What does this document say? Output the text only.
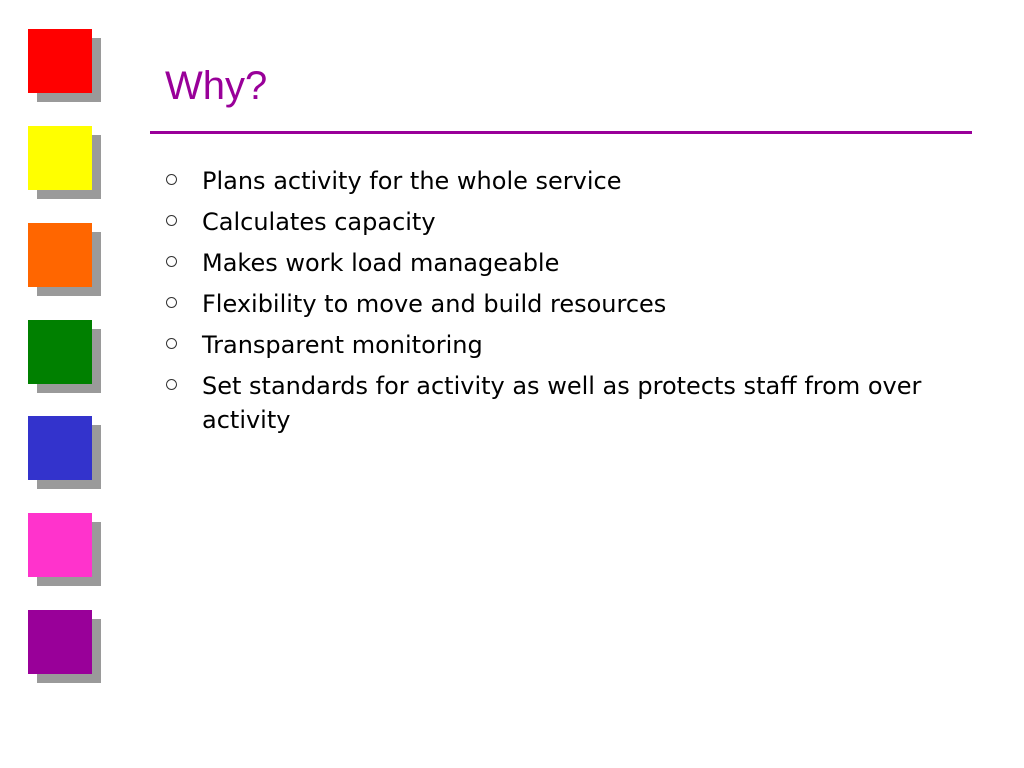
Why?
Plans activity for the whole service
Calculates capacity
Makes work load manageable
Flexibility to move and build resources
Transparent monitoring
Set standards for activity as well as protects staff from over activity
